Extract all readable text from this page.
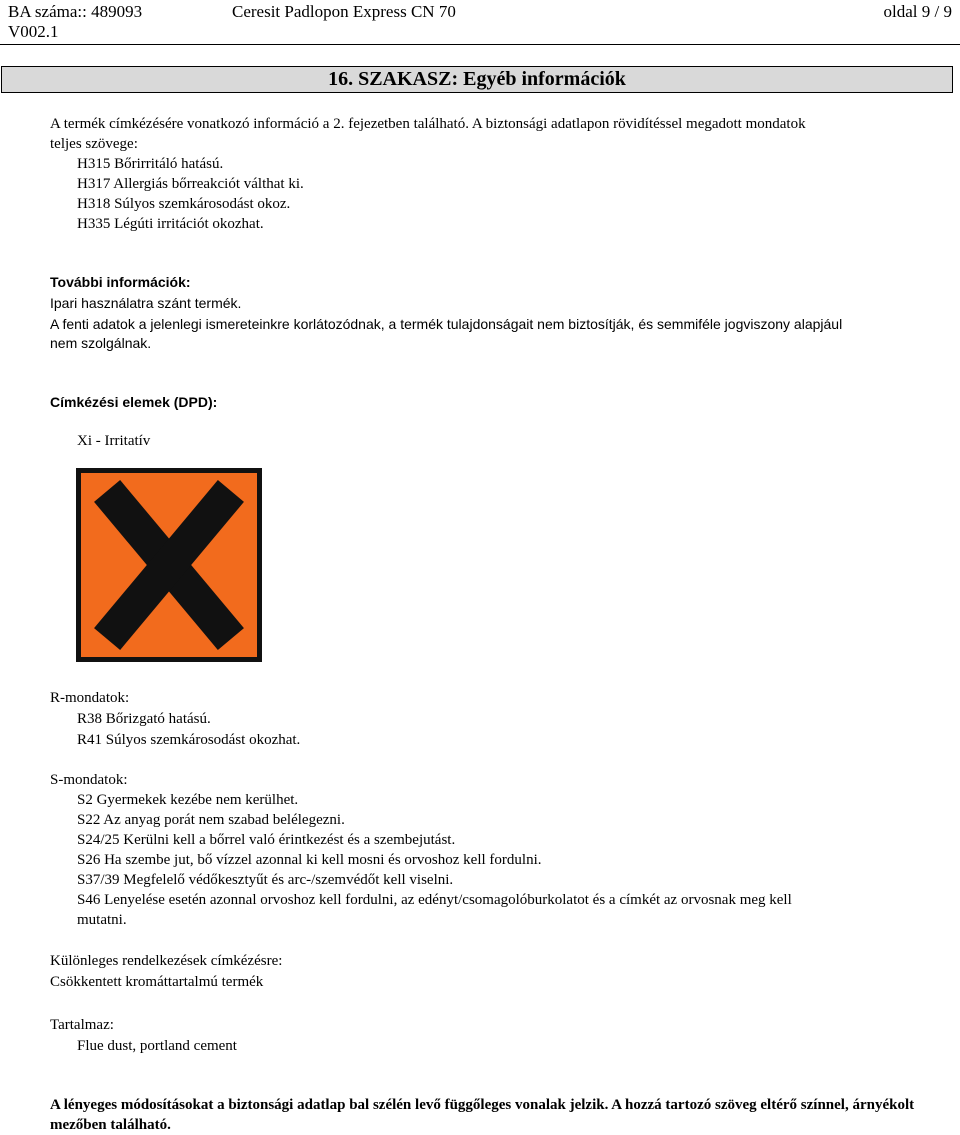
BA száma:: 489093
V002.1
Ceresit Padlopon Express CN 70	oldal 9 / 9
16. SZAKASZ: Egyéb információk
A termék címkézésére vonatkozó információ a 2. fejezetben található. A biztonsági adatlapon rövidítéssel megadott mondatok
teljes szövege:
H315 Bőrirritáló hatású.
H317 Allergiás bőrreakciót válthat ki.
H318 Súlyos szemkárosodást okoz.
H335 Légúti irritációt okozhat.
További információk:
Ipari használatra szánt termék.
A fenti adatok a jelenlegi ismereteinkre korlátozódnak, a termék tulajdonságait nem biztosítják, és semmiféle jogviszony alapjául
nem szolgálnak.
Címkézési elemek (DPD):
Xi - Irritatív
R-mondatok:
R38 Bőrizgató hatású.
R41 Súlyos szemkárosodást okozhat.
S-mondatok:
S2 Gyermekek kezébe nem kerülhet.
S22 Az anyag porát nem szabad belélegezni.
S24/25 Kerülni kell a bőrrel való érintkezést és a szembejutást.
S26 Ha szembe jut, bő vízzel azonnal ki kell mosni és orvoshoz kell fordulni.
S37/39 Megfelelő védőkesztyűt és arc-/szemvédőt kell viselni.
S46 Lenyelése esetén azonnal orvoshoz kell fordulni, az edényt/csomagolóburkolatot és a címkét az orvosnak meg kell
mutatni.
Különleges rendelkezések címkézésre:
Csökkentett kromáttartalmú termék
Tartalmaz:
Flue dust, portland cement
A lényeges módosításokat a biztonsági adatlap bal szélén levő függőleges vonalak jelzik. A hozzá tartozó szöveg eltérő színnel, árnyékolt mezőben található.
